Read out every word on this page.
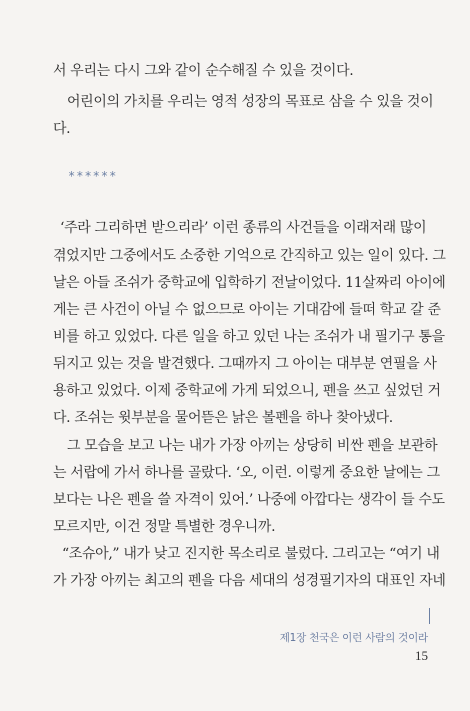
서 우리는 다시 그와 같이 순수해질 수 있을 것이다.
어린이의 가치를 우리는 영적 성장의 목표로 삼을 수 있을 것이
다.
******
‘주라 그리하면 받으리라’ 이런 종류의 사건들을 이래저래 많이
겪었지만 그중에서도 소중한 기억으로 간직하고 있는 일이 있다. 그
날은 아들 조쉬가 중학교에 입학하기 전날이었다. 11살짜리 아이에
게는 큰 사건이 아닐 수 없으므로 아이는 기대감에 들떠 학교 갈 준
비를 하고 있었다. 다른 일을 하고 있던 나는 조쉬가 내 필기구 통을
뒤지고 있는 것을 발견했다. 그때까지 그 아이는 대부분 연필을 사
용하고 있었다. 이제 중학교에 가게 되었으니, 펜을 쓰고 싶었던 거
다. 조쉬는 윗부분을 물어뜯은 낡은 볼펜을 하나 찾아냈다.
그 모습을 보고 나는 내가 가장 아끼는 상당히 비싼 펜을 보관하
는 서랍에 가서 하나를 골랐다. ‘오, 이런. 이렇게 중요한 날에는 그
보다는 나은 펜을 쓸 자격이 있어.’ 나중에 아깝다는 생각이 들 수도
모르지만, 이건 정말 특별한 경우니까.
“조슈아,” 내가 낮고 진지한 목소리로 불렀다. 그리고는 “여기 내
가 가장 아끼는 최고의 펜을 다음 세대의 성경필기자의 대표인 자네
제1장 천국은 이런 사람의 것이라
15
